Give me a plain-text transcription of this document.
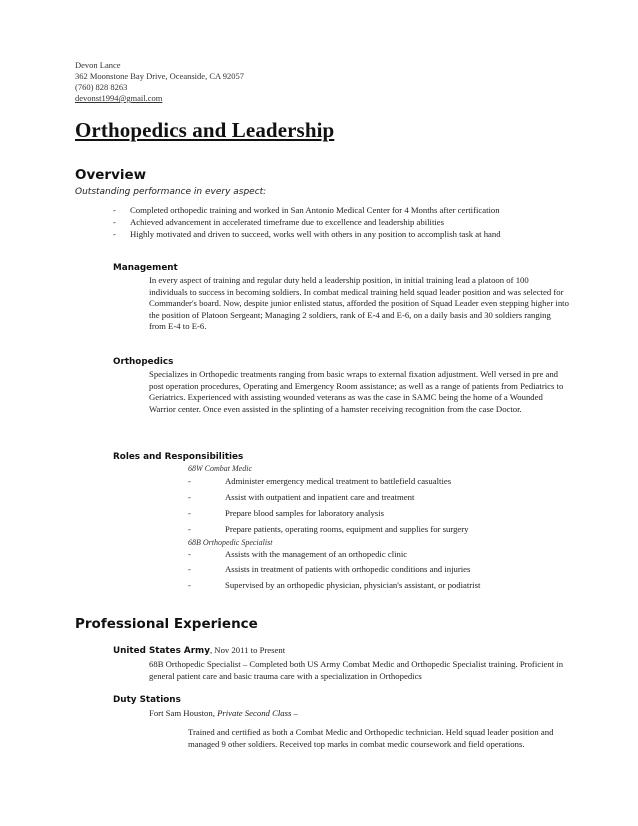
Devon Lance
362 Moonstone Bay Drive, Oceanside, CA 92057
(760) 828 8263
devonst1994@gmail.com
Orthopedics and Leadership
Overview
Outstanding performance in every aspect:
- Completed orthopedic training and worked in San Antonio Medical Center for 4 Months after certification
- Achieved advancement in accelerated timeframe due to excellence and leadership abilities
- Highly motivated and driven to succeed, works well with others in any position to accomplish task at hand
Management
In every aspect of training and regular duty held a leadership position, in initial training lead a platoon of 100 individuals to success in becoming soldiers. In combat medical training held squad leader position and was selected for Commander's board. Now, despite junior enlisted status, afforded the position of Squad Leader even stepping higher into the position of Platoon Sergeant; Managing 2 soldiers, rank of E-4 and E-6, on a daily basis and 30 soldiers ranging from E-4 to E-6.
Orthopedics
Specializes in Orthopedic treatments ranging from basic wraps to external fixation adjustment. Well versed in pre and post operation procedures, Operating and Emergency Room assistance; as well as a range of patients from Pediatrics to Geriatrics. Experienced with assisting wounded veterans as was the case in SAMC being the home of a Wounded Warrior center. Once even assisted in the splinting of a hamster receiving recognition from the case Doctor.
Roles and Responsibilities
68W Combat Medic
-	Administer emergency medical treatment to battlefield casualties
-	Assist with outpatient and inpatient care and treatment
-	Prepare blood samples for laboratory analysis
-	Prepare patients, operating rooms, equipment and supplies for surgery
68B Orthopedic Specialist
-	Assists with the management of an orthopedic clinic
-	Assists in treatment of patients with orthopedic conditions and injuries
-	Supervised by an orthopedic physician, physician's assistant, or podiatrist
Professional Experience
United States Army, Nov 2011 to Present
68B Orthopedic Specialist – Completed both US Army Combat Medic and Orthopedic Specialist training. Proficient in general patient care and basic trauma care with a specialization in Orthopedics
Duty Stations
Fort Sam Houston, Private Second Class –
Trained and certified as both a Combat Medic and Orthopedic technician. Held squad leader position and managed 9 other soldiers. Received top marks in combat medic coursework and field operations.
